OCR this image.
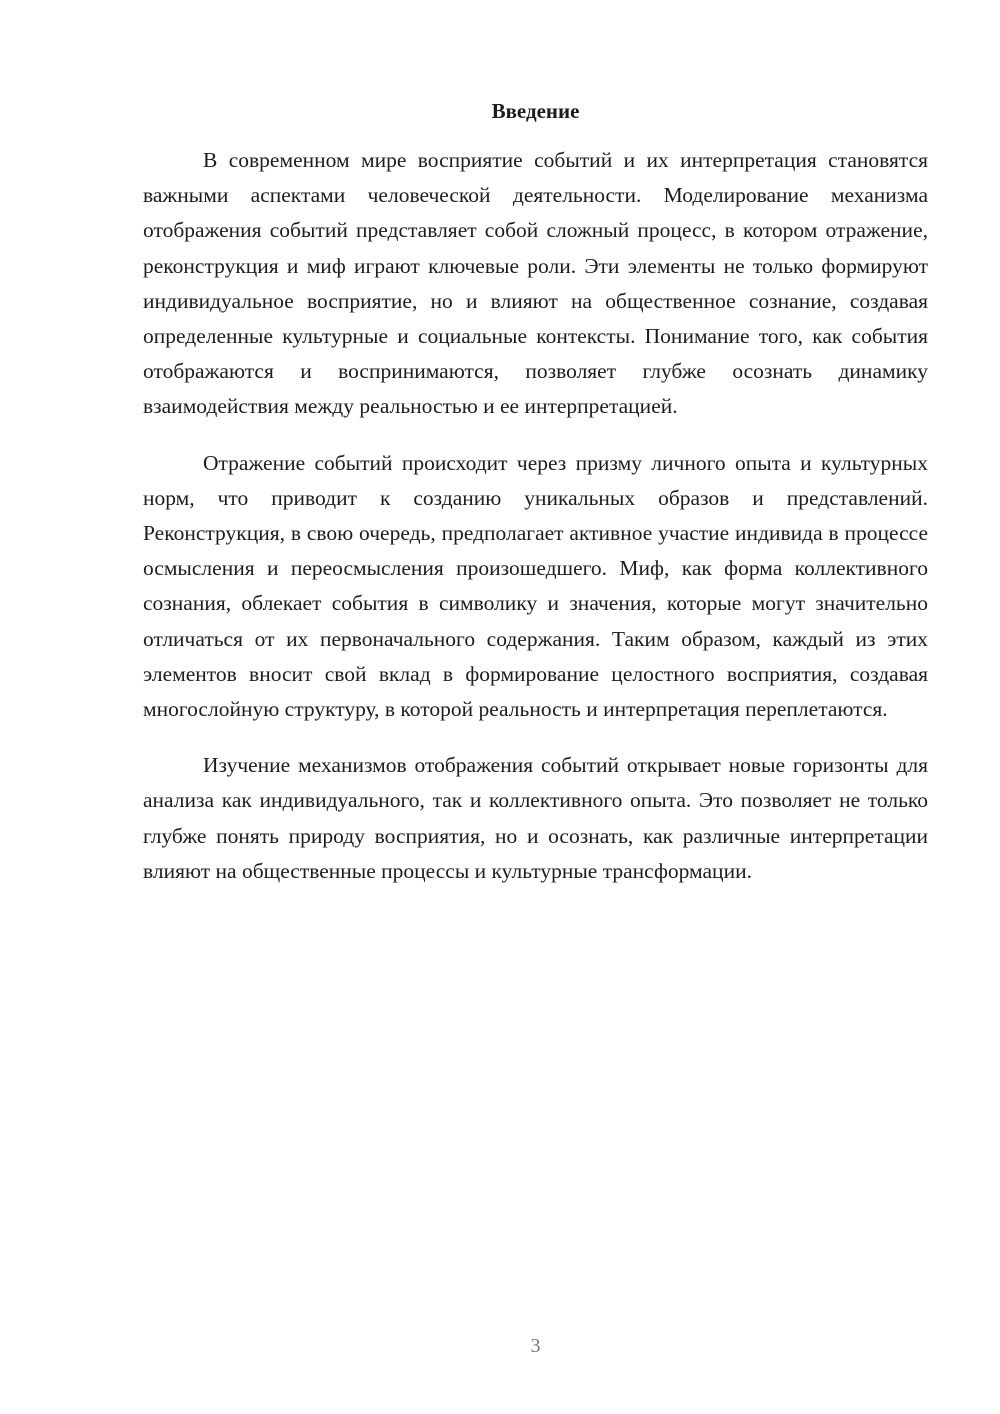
Введение

В современном мире восприятие событий и их интерпретация становятся важными аспектами человеческой деятельности. Моделирование механизма отображения событий представляет собой сложный процесс, в котором отражение, реконструкция и миф играют ключевые роли. Эти элементы не только формируют индивидуальное восприятие, но и влияют на общественное сознание, создавая определенные культурные и социальные контексты. Понимание того, как события отображаются и воспринимаются, позволяет глубже осознать динамику взаимодействия между реальностью и ее интерпретацией.

Отражение событий происходит через призму личного опыта и культурных норм, что приводит к созданию уникальных образов и представлений. Реконструкция, в свою очередь, предполагает активное участие индивида в процессе осмысления и переосмысления произошедшего. Миф, как форма коллективного сознания, облекает события в символику и значения, которые могут значительно отличаться от их первоначального содержания. Таким образом, каждый из этих элементов вносит свой вклад в формирование целостного восприятия, создавая многослойную структуру, в которой реальность и интерпретация переплетаются.

Изучение механизмов отображения событий открывает новые горизонты для анализа как индивидуального, так и коллективного опыта. Это позволяет не только глубже понять природу восприятия, но и осознать, как различные интерпретации влияют на общественные процессы и культурные трансформации.

3
